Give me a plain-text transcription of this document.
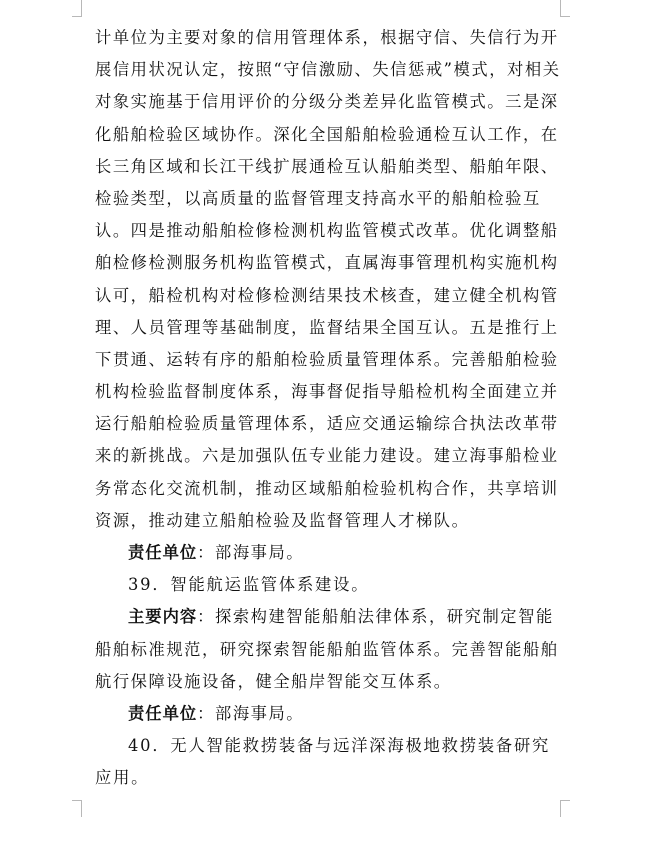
计单位为主要对象的信用管理体系，根据守信、失信行为开
展信用状况认定，按照“守信激励、失信惩戒”模式，对相关
对象实施基于信用评价的分级分类差异化监管模式。三是深
化船舶检验区域协作。深化全国船舶检验通检互认工作，在
长三角区域和长江干线扩展通检互认船舶类型、船舶年限、
检验类型，以高质量的监督管理支持高水平的船舶检验互
认。四是推动船舶检修检测机构监管模式改革。优化调整船
舶检修检测服务机构监管模式，直属海事管理机构实施机构
认可，船检机构对检修检测结果技术核查，建立健全机构管
理、人员管理等基础制度，监督结果全国互认。五是推行上
下贯通、运转有序的船舶检验质量管理体系。完善船舶检验
机构检验监督制度体系，海事督促指导船检机构全面建立并
运行船舶检验质量管理体系，适应交通运输综合执法改革带
来的新挑战。六是加强队伍专业能力建设。建立海事船检业
务常态化交流机制，推动区域船舶检验机构合作，共享培训
资源，推动建立船舶检验及监督管理人才梯队。
责任单位：部海事局。
39．智能航运监管体系建设。
主要内容：探索构建智能船舶法律体系，研究制定智能
船舶标准规范，研究探索智能船舶监管体系。完善智能船舶
航行保障设施设备，健全船岸智能交互体系。
责任单位：部海事局。
40．无人智能救捞装备与远洋深海极地救捞装备研究
应用。
